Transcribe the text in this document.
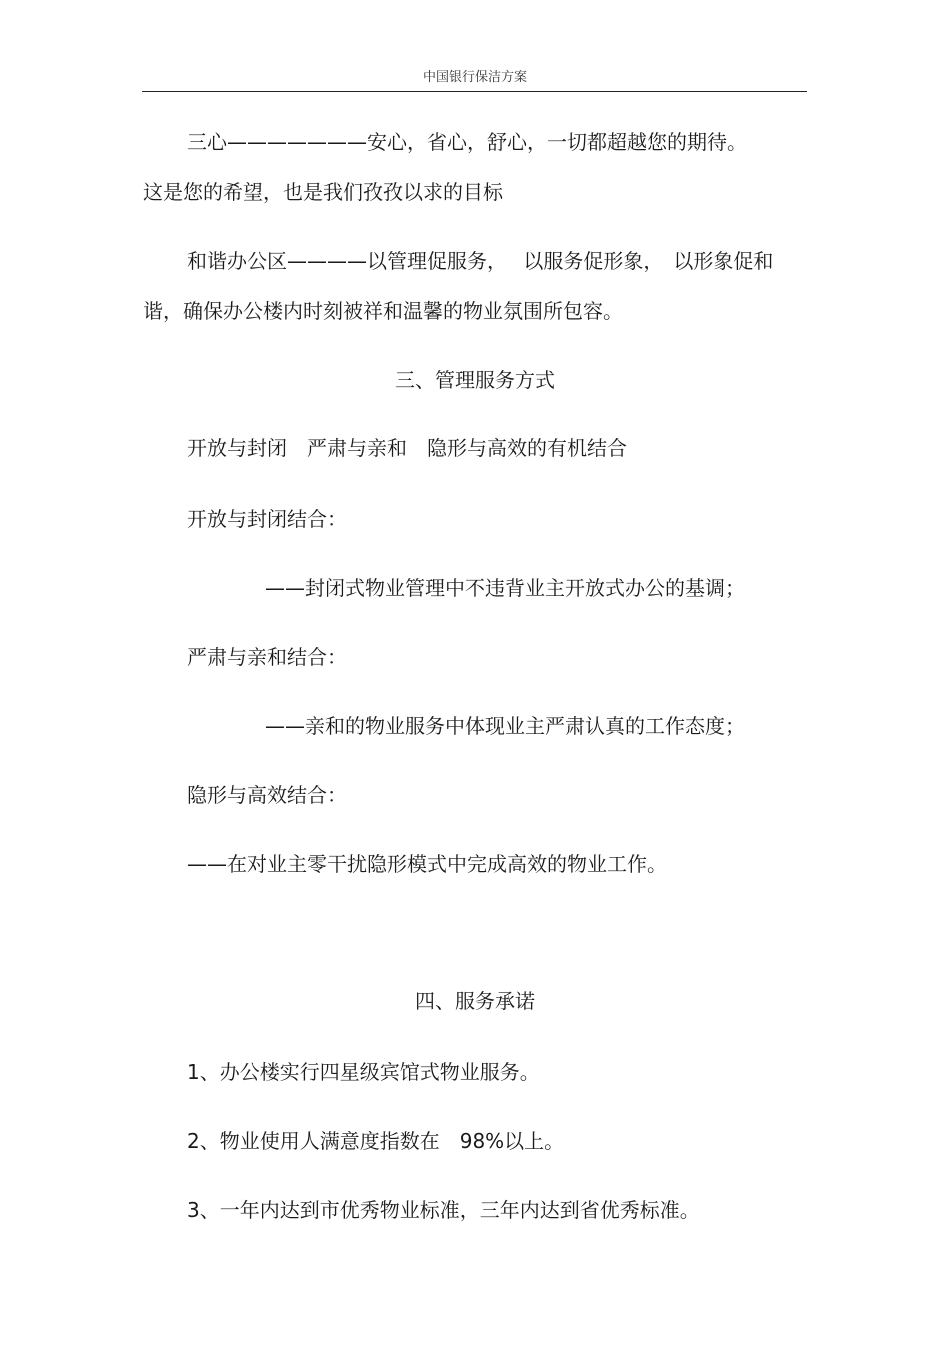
中国银行保洁方案
三心———————安心，省心，舒心，一切都超越您的期待。
这是您的希望，也是我们孜孜以求的目标
和谐办公区————以管理促服务，　 以服务促形象，　以形象促和
谐，确保办公楼内时刻被祥和温馨的物业氛围所包容。
三、管理服务方式
开放与封闭　严肃与亲和　隐形与高效的有机结合
开放与封闭结合：
——封闭式物业管理中不违背业主开放式办公的基调；
严肃与亲和结合：
——亲和的物业服务中体现业主严肃认真的工作态度；
隐形与高效结合：
——在对业主零干扰隐形模式中完成高效的物业工作。
四、服务承诺
1、办公楼实行四星级宾馆式物业服务。
2、物业使用人满意度指数在　98%以上。
3、一年内达到市优秀物业标准，三年内达到省优秀标准。
